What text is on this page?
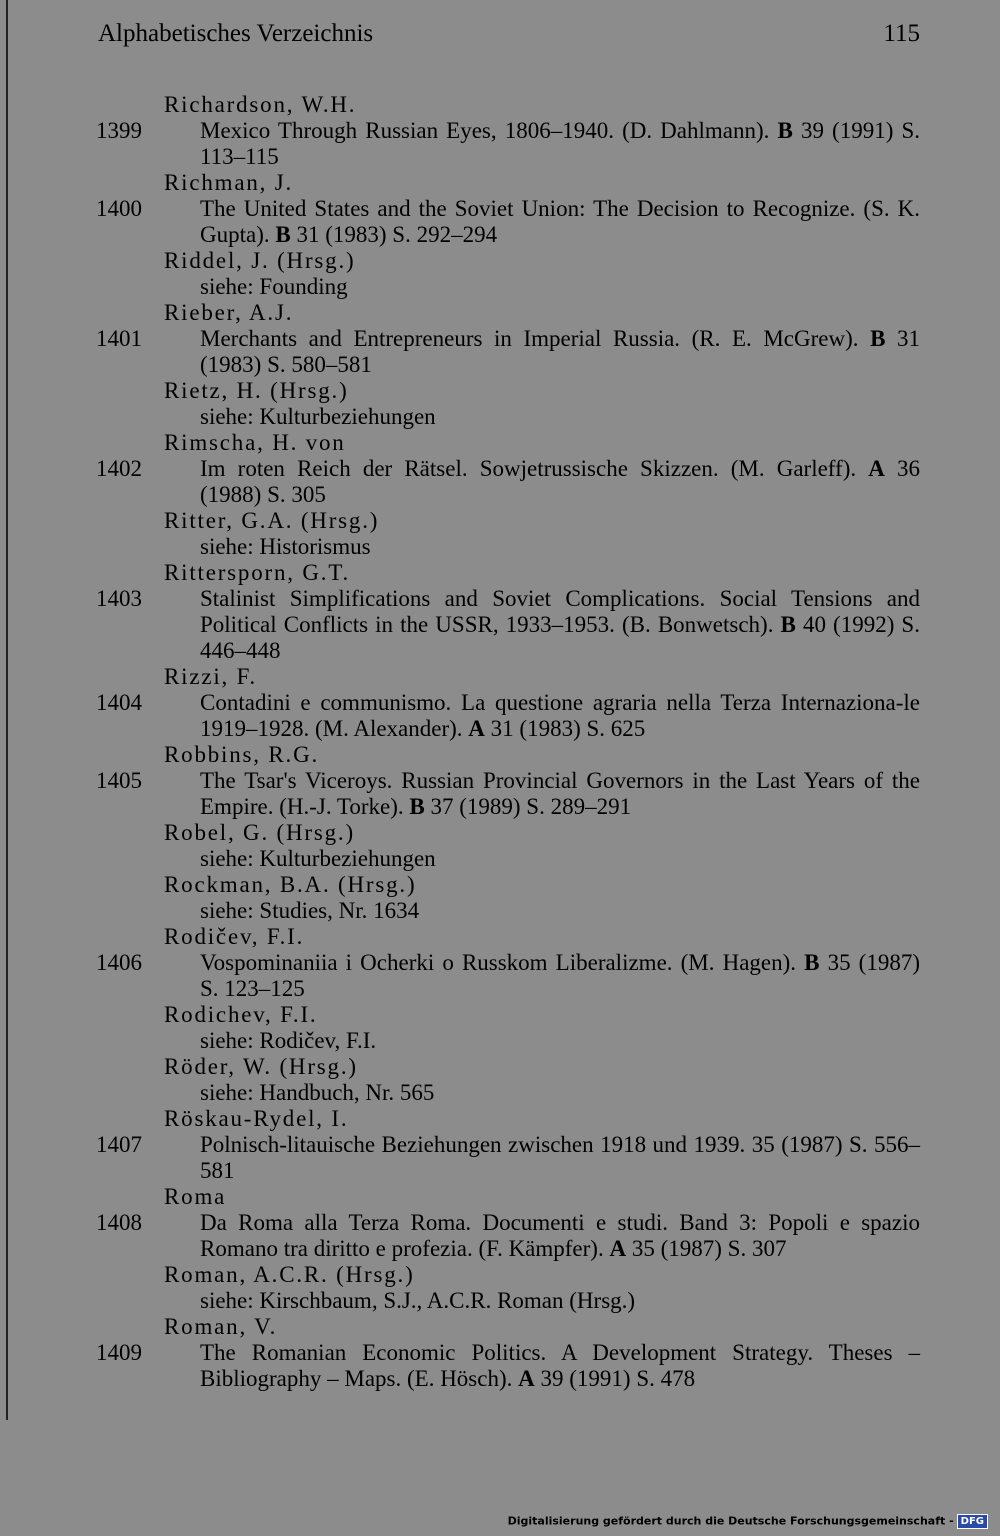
Alphabetisches Verzeichnis	115
Richardson, W.H.
1399	Mexico Through Russian Eyes, 1806–1940. (D. Dahlmann). B 39 (1991) S. 113–115
Richman, J.
1400	The United States and the Soviet Union: The Decision to Recognize. (S. K. Gupta). B 31 (1983) S. 292–294
Riddel, J. (Hrsg.)
siehe: Founding
Rieber, A.J.
1401	Merchants and Entrepreneurs in Imperial Russia. (R. E. McGrew). B 31 (1983) S. 580–581
Rietz, H. (Hrsg.)
siehe: Kulturbeziehungen
Rimscha, H. von
1402	Im roten Reich der Rätsel. Sowjetrussische Skizzen. (M. Garleff). A 36 (1988) S. 305
Ritter, G.A. (Hrsg.)
siehe: Historismus
Rittersporn, G.T.
1403	Stalinist Simplifications and Soviet Complications. Social Tensions and Political Conflicts in the USSR, 1933–1953. (B. Bonwetsch). B 40 (1992) S. 446–448
Rizzi, F.
1404	Contadini e communismo. La questione agraria nella Terza Internaziona-le 1919–1928. (M. Alexander). A 31 (1983) S. 625
Robbins, R.G.
1405	The Tsar's Viceroys. Russian Provincial Governors in the Last Years of the Empire. (H.-J. Torke). B 37 (1989) S. 289–291
Robel, G. (Hrsg.)
siehe: Kulturbeziehungen
Rockman, B.A. (Hrsg.)
siehe: Studies, Nr. 1634
Rodičev, F.I.
1406	Vospominaniia i Ocherki o Russkom Liberalizme. (M. Hagen). B 35 (1987) S. 123–125
Rodichev, F.I.
siehe: Rodičev, F.I.
Röder, W. (Hrsg.)
siehe: Handbuch, Nr. 565
Röskau-Rydel, I.
1407	Polnisch-litauische Beziehungen zwischen 1918 und 1939. 35 (1987) S. 556–581
Roma
1408	Da Roma alla Terza Roma. Documenti e studi. Band 3: Popoli e spazio Romano tra diritto e profezia. (F. Kämpfer). A 35 (1987) S. 307
Roman, A.C.R. (Hrsg.)
siehe: Kirschbaum, S.J., A.C.R. Roman (Hrsg.)
Roman, V.
1409	The Romanian Economic Politics. A Development Strategy. Theses – Bibliography – Maps. (E. Hösch). A 39 (1991) S. 478
Digitalisierung gefördert durch die Deutsche Forschungsgemeinschaft - DFG
